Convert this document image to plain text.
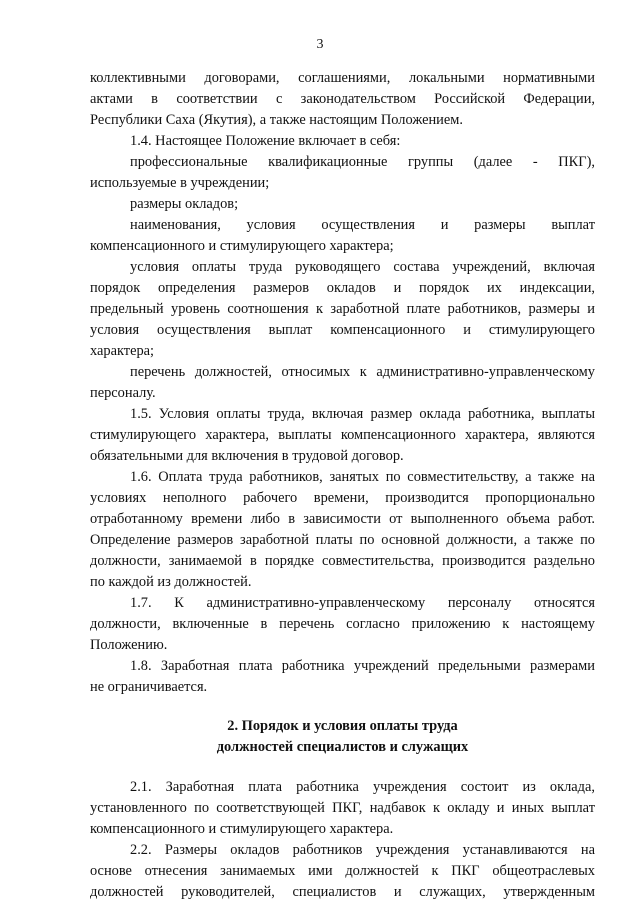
3
коллективными договорами, соглашениями, локальными нормативными
актами в соответствии с законодательством Российской Федерации,
Республики Саха (Якутия), а также настоящим Положением.
1.4. Настоящее Положение включает в себя:
профессиональные квалификационные группы (далее - ПКГ),
используемые в учреждении;
размеры окладов;
наименования, условия осуществления и размеры выплат
компенсационного и стимулирующего характера;
условия оплаты труда руководящего состава учреждений, включая
порядок определения размеров окладов и порядок их индексации,
предельный уровень соотношения к заработной плате работников, размеры и
условия осуществления выплат компенсационного и стимулирующего
характера;
перечень должностей, относимых к административно-управленческому
персоналу.
1.5. Условия оплаты труда, включая размер оклада работника, выплаты
стимулирующего характера, выплаты компенсационного характера, являются
обязательными для включения в трудовой договор.
1.6. Оплата труда работников, занятых по совместительству, а также на
условиях неполного рабочего времени, производится пропорционально
отработанному времени либо в зависимости от выполненного объема работ.
Определение размеров заработной платы по основной должности, а также по
должности, занимаемой в порядке совместительства, производится раздельно
по каждой из должностей.
1.7. К административно-управленческому персоналу относятся
должности, включенные в перечень согласно приложению к настоящему
Положению.
1.8. Заработная плата работника учреждений предельными размерами
не ограничивается.
2. Порядок и условия оплаты труда
должностей специалистов и служащих
2.1. Заработная плата работника учреждения состоит из оклада,
установленного по соответствующей ПКГ, надбавок к окладу и иных выплат
компенсационного и стимулирующего характера.
2.2. Размеры окладов работников учреждения устанавливаются на
основе отнесения занимаемых ими должностей к ПКГ общеотраслевых
должностей руководителей, специалистов и служащих, утвержденным
